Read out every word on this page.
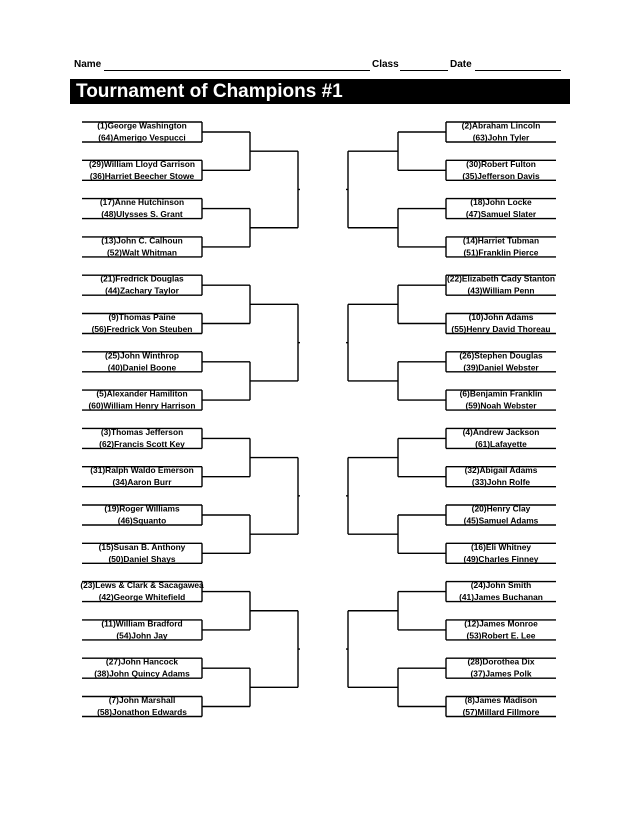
Name	Class	Date
Tournament of Champions #1
(1)George Washington
(64)Amerigo Vespucci
(29)William Lloyd Garrison
(36)Harriet Beecher Stowe
(17)Anne Hutchinson
(48)Ulysses S. Grant
(13)John C. Calhoun
(52)Walt Whitman
(21)Fredrick Douglas
(44)Zachary Taylor
(9)Thomas Paine
(56)Fredrick Von Steuben
(25)John Winthrop
(40)Daniel Boone
(5)Alexander Hamiliton
(60)William Henry Harrison
(3)Thomas Jefferson
(62)Francis Scott Key
(31)Ralph Waldo Emerson
(34)Aaron Burr
(19)Roger Williams
(46)Squanto
(15)Susan B. Anthony
(50)Daniel Shays
(23)Lews & Clark & Sacagawea
(42)George Whitefield
(11)William Bradford
(54)John Jay
(27)John Hancock
(38)John Quincy Adams
(7)John Marshall
(58)Jonathon Edwards
(2)Abraham Lincoln
(63)John Tyler
(30)Robert Fulton
(35)Jefferson Davis
(18)John Locke
(47)Samuel Slater
(14)Harriet Tubman
(51)Franklin Pierce
(22)Elizabeth Cady Stanton
(43)William Penn
(10)John Adams
(55)Henry David Thoreau
(26)Stephen Douglas
(39)Daniel Webster
(6)Benjamin Franklin
(59)Noah Webster
(4)Andrew Jackson
(61)Lafayette
(32)Abigail Adams
(33)John Rolfe
(20)Henry Clay
(45)Samuel Adams
(16)Eli Whitney
(49)Charles Finney
(24)John Smith
(41)James Buchanan
(12)James Monroe
(53)Robert E. Lee
(28)Dorothea Dix
(37)James Polk
(8)James Madison
(57)Millard Fillmore
